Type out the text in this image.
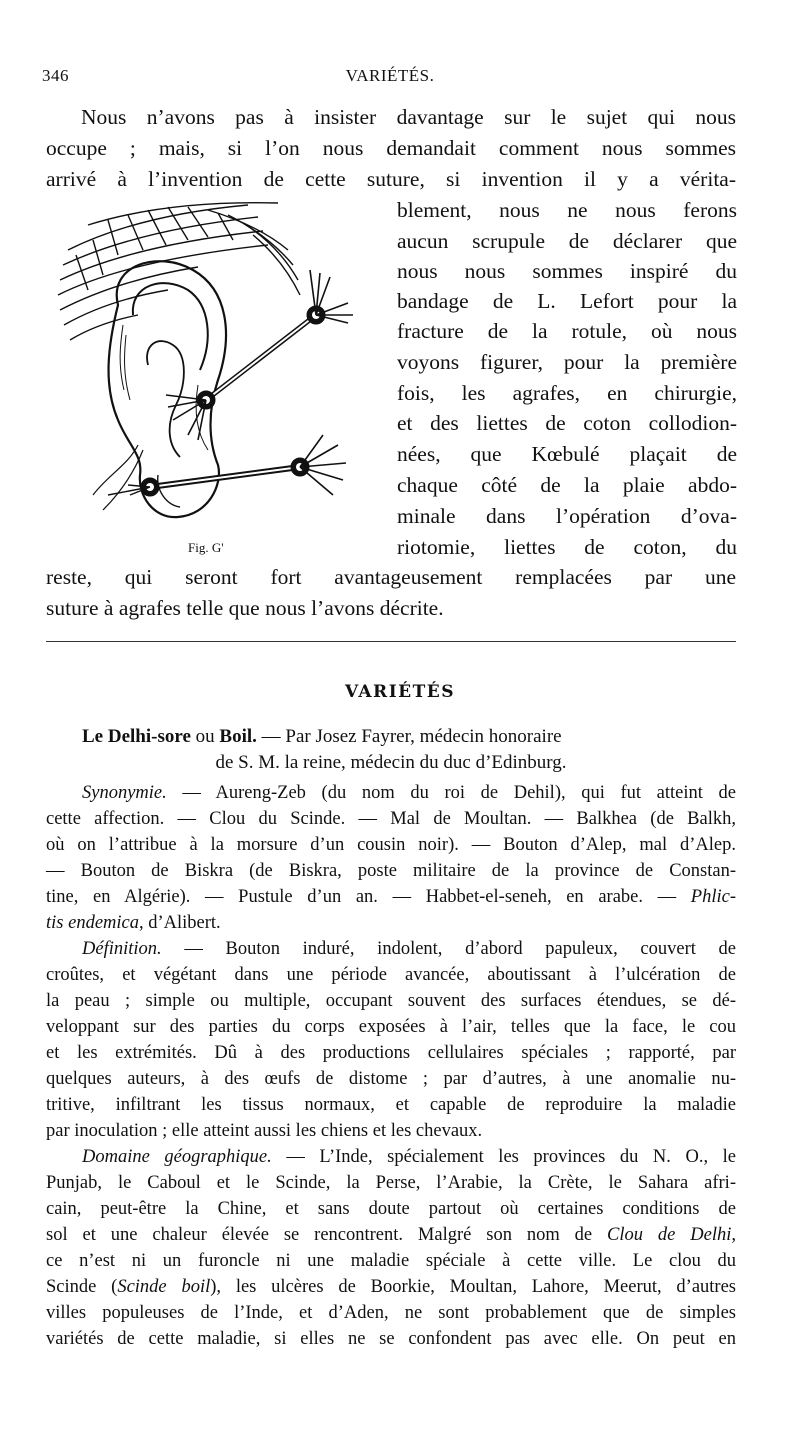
346	VARIÉTÉS.
Nous n’avons pas à insister davantage sur le sujet qui nous
occupe ; mais, si l’on nous demandait comment nous sommes
arrivé à l’invention de cette suture, si invention il y a vérita-
blement, nous ne nous ferons
aucun scrupule de déclarer que
nous nous sommes inspiré du
bandage de L. Lefort pour la
fracture de la rotule, où nous
voyons figurer, pour la première
fois, les agrafes, en chirurgie,
et des liettes de coton collodion-
nées, que Kœbulé plaçait de
chaque côté de la plaie abdo-
minale dans l’opération d’ova-
riotomie, liettes de coton, du
reste, qui seront fort avantageusement remplacées par une
suture à agrafes telle que nous l’avons décrite.
Fig. G'
VARIÉTÉS
Le Delhi-sore ou Boil. — Par Josez Fayrer, médecin honoraire
de S. M. la reine, médecin du duc d’Edinburg.
Synonymie. — Aureng-Zeb (du nom du roi de Dehil), qui fut atteint de
cette affection. — Clou du Scinde. — Mal de Moultan. — Balkhea (de Balkh,
où on l’attribue à la morsure d’un cousin noir). — Bouton d’Alep, mal d’Alep.
— Bouton de Biskra (de Biskra, poste militaire de la province de Constan-
tine, en Algérie). — Pustule d’un an. — Habbet-el-seneh, en arabe. — Phlic-
tis endemica, d’Alibert.
Définition. — Bouton induré, indolent, d’abord papuleux, couvert de
croûtes, et végétant dans une période avancée, aboutissant à l’ulcération de
la peau ; simple ou multiple, occupant souvent des surfaces étendues, se dé-
veloppant sur des parties du corps exposées à l’air, telles que la face, le cou
et les extrémités. Dû à des productions cellulaires spéciales ; rapporté, par
quelques auteurs, à des œufs de distome ; par d’autres, à une anomalie nu-
tritive, infiltrant les tissus normaux, et capable de reproduire la maladie
par inoculation ; elle atteint aussi les chiens et les chevaux.
Domaine géographique. — L’Inde, spécialement les provinces du N. O., le
Punjab, le Caboul et le Scinde, la Perse, l’Arabie, la Crète, le Sahara afri-
cain, peut-être la Chine, et sans doute partout où certaines conditions de
sol et une chaleur élevée se rencontrent. Malgré son nom de Clou de Delhi,
ce n’est ni un furoncle ni une maladie spéciale à cette ville. Le clou du
Scinde (Scinde boil), les ulcères de Boorkie, Moultan, Lahore, Meerut, d’autres
villes populeuses de l’Inde, et d’Aden, ne sont probablement que de simples
variétés de cette maladie, si elles ne se confondent pas avec elle. On peut en
